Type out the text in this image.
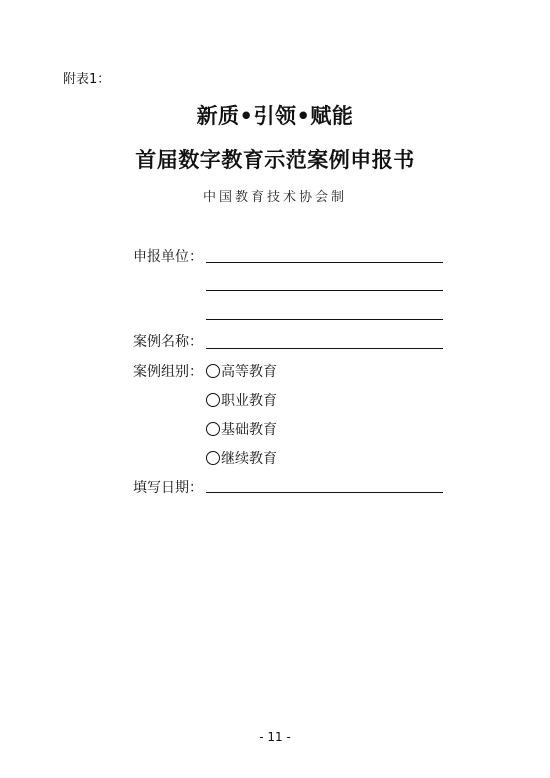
附表1：
新质•引领•赋能
首届数字教育示范案例申报书
中国教育技术协会制
申报单位：
案例名称：
案例组别：	高等教育
职业教育
基础教育
继续教育
填写日期：
- 11 -
